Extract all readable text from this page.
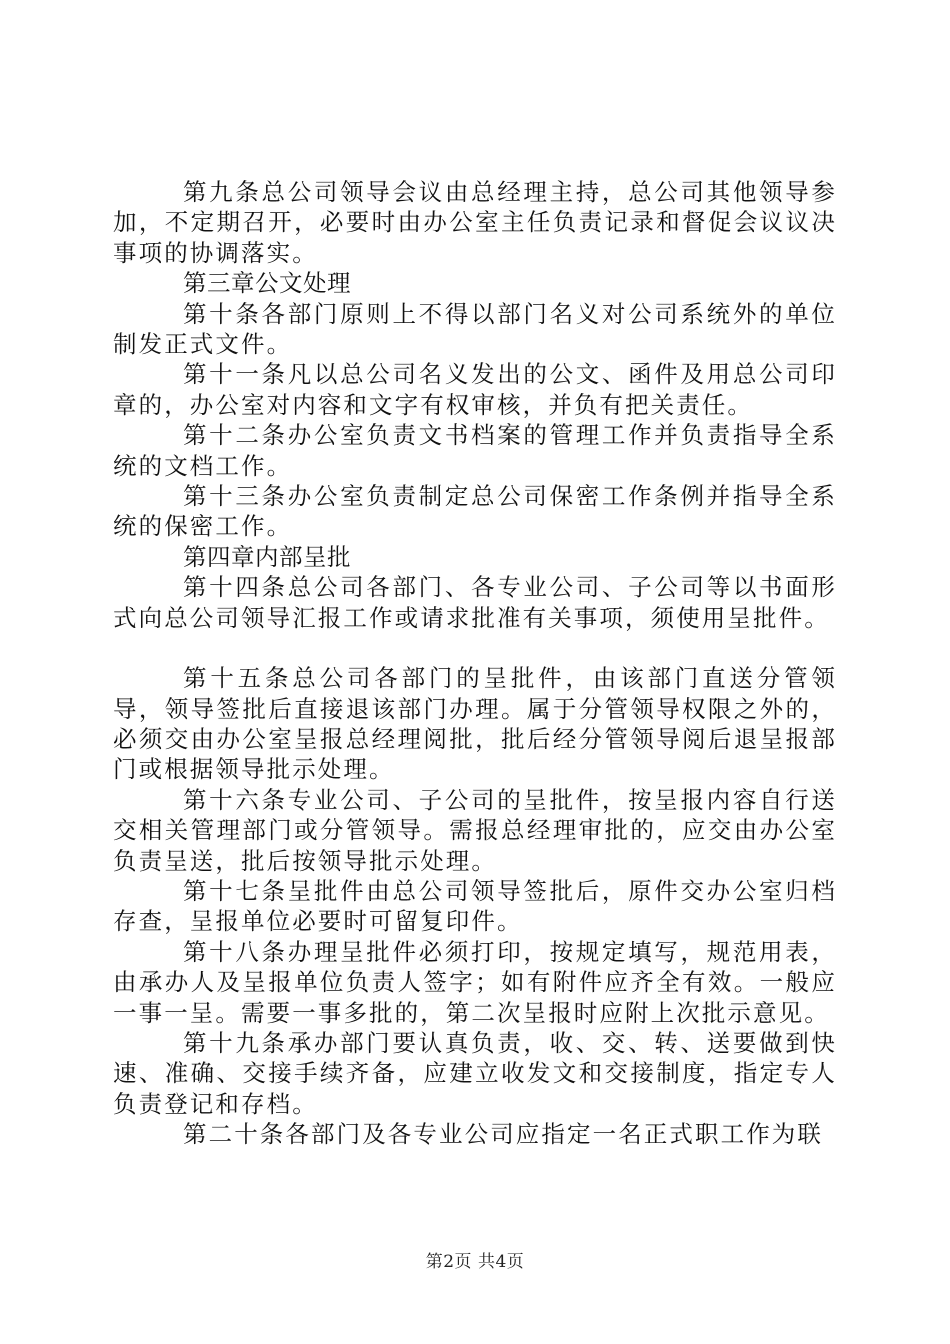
第九条总公司领导会议由总经理主持，总公司其他领导参加，不定期召开，必要时由办公室主任负责记录和督促会议议决事项的协调落实。

第三章公文处理

第十条各部门原则上不得以部门名义对公司系统外的单位制发正式文件。

第十一条凡以总公司名义发出的公文、函件及用总公司印章的，办公室对内容和文字有权审核，并负有把关责任。

第十二条办公室负责文书档案的管理工作并负责指导全系统的文档工作。

第十三条办公室负责制定总公司保密工作条例并指导全系统的保密工作。

第四章内部呈批

第十四条总公司各部门、各专业公司、子公司等以书面形式向总公司领导汇报工作或请求批准有关事项，须使用呈批件。

第十五条总公司各部门的呈批件，由该部门直送分管领导，领导签批后直接退该部门办理。属于分管领导权限之外的，必须交由办公室呈报总经理阅批，批后经分管领导阅后退呈报部门或根据领导批示处理。

第十六条专业公司、子公司的呈批件，按呈报内容自行送交相关管理部门或分管领导。需报总经理审批的，应交由办公室负责呈送，批后按领导批示处理。

第十七条呈批件由总公司领导签批后，原件交办公室归档存查，呈报单位必要时可留复印件。

第十八条办理呈批件必须打印，按规定填写，规范用表，由承办人及呈报单位负责人签字；如有附件应齐全有效。一般应一事一呈。需要一事多批的，第二次呈报时应附上次批示意见。

第十九条承办部门要认真负责，收、交、转、送要做到快速、准确、交接手续齐备，应建立收发文和交接制度，指定专人负责登记和存档。

第二十条各部门及各专业公司应指定一名正式职工作为联

第2页 共4页
